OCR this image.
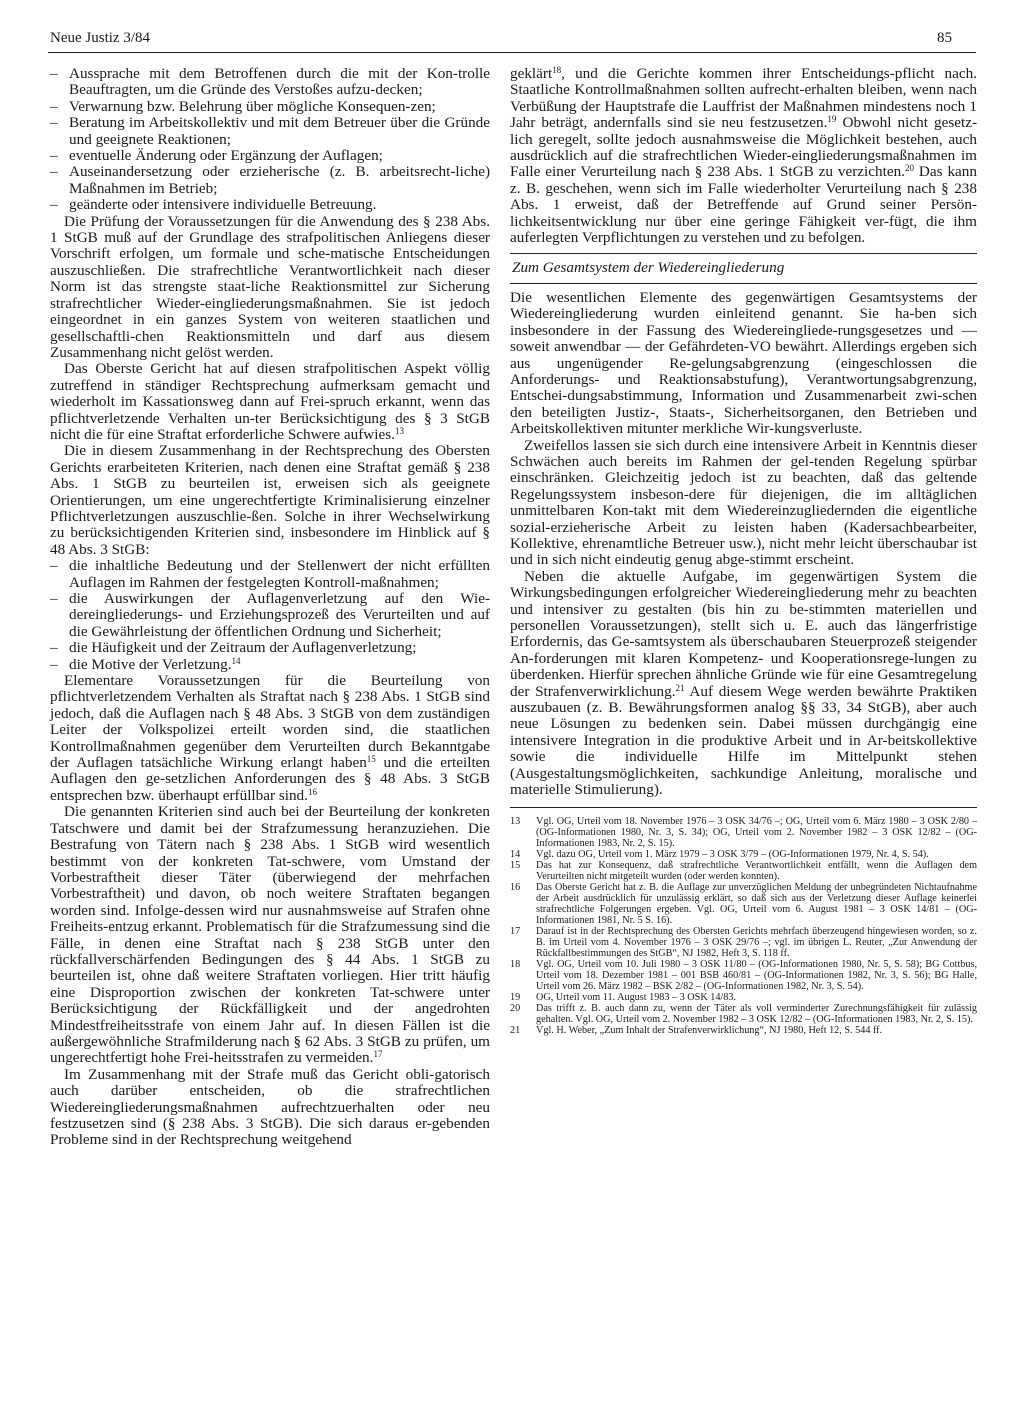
Neue Justiz 3/84	85
– Aussprache mit dem Betroffenen durch die mit der Kon-trolle Beauftragten, um die Gründe des Verstoßes aufzu-decken;
– Verwarnung bzw. Belehrung über mögliche Konsequen-zen;
– Beratung im Arbeitskollektiv und mit dem Betreuer über die Gründe und geeignete Reaktionen;
– eventuelle Änderung oder Ergänzung der Auflagen;
– Auseinandersetzung oder erzieherische (z. B. arbeitsrecht-liche) Maßnahmen im Betrieb;
– geänderte oder intensivere individuelle Betreuung.

Die Prüfung der Voraussetzungen für die Anwendung des § 238 Abs. 1 StGB muß auf der Grundlage des strafpolitischen Anliegens dieser Vorschrift erfolgen, um formale und sche-matische Entscheidungen auszuschließen. Die strafrechtliche Verantwortlichkeit nach dieser Norm ist das strengste staat-liche Reaktionsmittel zur Sicherung strafrechtlicher Wieder-eingliederungsmaßnahmen. Sie ist jedoch eingeordnet in ein ganzes System von weiteren staatlichen und gesellschaftli-chen Reaktionsmitteln und darf aus diesem Zusammenhang nicht gelöst werden.

Das Oberste Gericht hat auf diesen strafpolitischen Aspekt völlig zutreffend in ständiger Rechtsprechung aufmerksam gemacht und wiederholt im Kassationsweg dann auf Frei-spruch erkannt, wenn das pflichtverletzende Verhalten un-ter Berücksichtigung des § 3 StGB nicht die für eine Straftat erforderliche Schwere aufwies.$^{13}$

Die in diesem Zusammenhang in der Rechtsprechung des Obersten Gerichts erarbeiteten Kriterien, nach denen eine Straftat gemäß § 238 Abs. 1 StGB zu beurteilen ist, erweisen sich als geeignete Orientierungen, um eine ungerechtfertigte Kriminalisierung einzelner Pflichtverletzungen auszuschlie-ßen. Solche in ihrer Wechselwirkung zu berücksichtigenden Kriterien sind, insbesondere im Hinblick auf § 48 Abs. 3 StGB:

– die inhaltliche Bedeutung und der Stellenwert der nicht erfüllten Auflagen im Rahmen der festgelegten Kontroll-maßnahmen;
– die Auswirkungen der Auflagenverletzung auf den Wie-dereingliederungs- und Erziehungsprozeß des Verurteilten und auf die Gewährleistung der öffentlichen Ordnung und Sicherheit;
– die Häufigkeit und der Zeitraum der Auflagenverletzung;
– die Motive der Verletzung.$^{14}$

Elementare Voraussetzungen für die Beurteilung von pflichtverletzendem Verhalten als Straftat nach § 238 Abs. 1 StGB sind jedoch, daß die Auflagen nach § 48 Abs. 3 StGB von dem zuständigen Leiter der Volkspolizei erteilt worden sind, die staatlichen Kontrollmaßnahmen gegenüber dem Verurteilten durch Bekanntgabe der Auflagen tatsächliche Wirkung erlangt haben$^{15}$ und die erteilten Auflagen den ge-setzlichen Anforderungen des § 48 Abs. 3 StGB entsprechen bzw. überhaupt erfüllbar sind.$^{16}$

Die genannten Kriterien sind auch bei der Beurteilung der konkreten Tatschwere und damit bei der Strafzumessung heranzuziehen. Die Bestrafung von Tätern nach § 238 Abs. 1 StGB wird wesentlich bestimmt von der konkreten Tat-schwere, vom Umstand der Vorbestraftheit dieser Täter (überwiegend der mehrfachen Vorbestraftheit) und davon, ob noch weitere Straftaten begangen worden sind. Infolge-dessen wird nur ausnahmsweise auf Strafen ohne Freiheits-entzug erkannt. Problematisch für die Strafzumessung sind die Fälle, in denen eine Straftat nach § 238 StGB unter den rückfallverschärfenden Bedingungen des § 44 Abs. 1 StGB zu beurteilen ist, ohne daß weitere Straftaten vorliegen. Hier tritt häufig eine Disproportion zwischen der konkreten Tat-schwere unter Berücksichtigung der Rückfälligkeit und der angedrohten Mindestfreiheitsstrafe von einem Jahr auf. In diesen Fällen ist die außergewöhnliche Strafmilderung nach § 62 Abs. 3 StGB zu prüfen, um ungerechtfertigt hohe Frei-heitsstrafen zu vermeiden.$^{17}$

Im Zusammenhang mit der Strafe muß das Gericht obli-gatorisch auch darüber entscheiden, ob die strafrechtlichen Wiedereingliederungsmaßnahmen aufrechtzuerhalten oder neu festzusetzen sind (§ 238 Abs. 3 StGB). Die sich daraus er-gebenden Probleme sind in der Rechtsprechung weitgehend

geklärt$^{18}$, und die Gerichte kommen ihrer Entscheidungs-pflicht nach. Staatliche Kontrollmaßnahmen sollten aufrecht-erhalten bleiben, wenn nach Verbüßung der Hauptstrafe die Lauffrist der Maßnahmen mindestens noch 1 Jahr beträgt, andernfalls sind sie neu festzusetzen.$^{19}$ Obwohl nicht gesetz-lich geregelt, sollte jedoch ausnahmsweise die Möglichkeit bestehen, auch ausdrücklich auf die strafrechtlichen Wieder-eingliederungsmaßnahmen im Falle einer Verurteilung nach § 238 Abs. 1 StGB zu verzichten.$^{20}$ Das kann z. B. geschehen, wenn sich im Falle wiederholter Verurteilung nach § 238 Abs. 1 erweist, daß der Betreffende auf Grund seiner Persön-lichkeitsentwicklung nur über eine geringe Fähigkeit ver-fügt, die ihm auferlegten Verpflichtungen zu verstehen und zu befolgen.

Zum Gesamtsystem der Wiedereingliederung

Die wesentlichen Elemente des gegenwärtigen Gesamtsystems der Wiedereingliederung wurden einleitend genannt. Sie ha-ben sich insbesondere in der Fassung des Wiedereingliede-rungsgesetzes und — soweit anwendbar — der Gefährdeten-VO bewährt. Allerdings ergeben sich aus ungenügender Re-gelungsabgrenzung (eingeschlossen die Anforderungs- und Reaktionsabstufung), Verantwortungsabgrenzung, Entschei-dungsabstimmung, Information und Zusammenarbeit zwi-schen den beteiligten Justiz-, Staats-, Sicherheitsorganen, den Betrieben und Arbeitskollektiven mitunter merkliche Wir-kungsverluste.

Zweifellos lassen sie sich durch eine intensivere Arbeit in Kenntnis dieser Schwächen auch bereits im Rahmen der gel-tenden Regelung spürbar einschränken. Gleichzeitig jedoch ist zu beachten, daß das geltende Regelungssystem insbeson-dere für diejenigen, die im alltäglichen unmittelbaren Kon-takt mit dem Wiedereinzugliedernden die eigentliche sozial-erzieherische Arbeit zu leisten haben (Kadersachbearbeiter, Kollektive, ehrenamtliche Betreuer usw.), nicht mehr leicht überschaubar ist und in sich nicht eindeutig genug abge-stimmt erscheint.

Neben die aktuelle Aufgabe, im gegenwärtigen System die Wirkungsbedingungen erfolgreicher Wiedereingliederung mehr zu beachten und intensiver zu gestalten (bis hin zu be-stimmten materiellen und personellen Voraussetzungen), stellt sich u. E. auch das längerfristige Erfordernis, das Ge-samtsystem als überschaubaren Steuerprozeß steigender An-forderungen mit klaren Kompetenz- und Kooperationsrege-lungen zu überdenken. Hierfür sprechen ähnliche Gründe wie für eine Gesamtregelung der Strafenverwirklichung.$^{21}$ Auf diesem Wege werden bewährte Praktiken auszubauen (z. B. Bewährungsformen analog §§ 33, 34 StGB), aber auch neue Lösungen zu bedenken sein. Dabei müssen durchgängig eine intensivere Integration in die produktive Arbeit und in Ar-beitskollektive sowie die individuelle Hilfe im Mittelpunkt stehen (Ausgestaltungsmöglichkeiten, sachkundige Anleitung, moralische und materielle Stimulierung).

13	Vgl. OG, Urteil vom 18. November 1976 – 3 OSK 34/76 –; OG, Urteil vom 6. März 1980 – 3 OSK 2/80 – (OG-Informationen 1980, Nr. 3, S. 34); OG, Urteil vom 2. November 1982 – 3 OSK 12/82 – (OG-Informationen 1983, Nr. 2, S. 15).
14	Vgl. dazu OG, Urteil vom 1. März 1979 – 3 OSK 3/79 – (OG-Informationen 1979, Nr. 4, S. 54).
15	Das hat zur Konsequenz, daß strafrechtliche Verantwortlichkeit entfällt, wenn die Auflagen dem Verurteilten nicht mitgeteilt wurden (oder werden konnten).
16	Das Oberste Gericht hat z. B. die Auflage zur unverzüglichen Meldung der unbegründeten Nichtaufnahme der Arbeit ausdrücklich für unzulässig erklärt, so daß sich aus der Verletzung dieser Auflage keinerlei strafrechtliche Folgerungen ergeben. Vgl. OG, Urteil vom 6. August 1981 – 3 OSK 14/81 – (OG-Informationen 1981, Nr. 5 S. 16).
17	Darauf ist in der Rechtsprechung des Obersten Gerichts mehrfach überzeugend hingewiesen worden, so z. B. im Urteil vom 4. November 1976 – 3 OSK 29/76 –; vgl. im übrigen L. Reuter, „Zur Anwendung der Rückfallbestimmungen des StGB“, NJ 1982, Heft 3, S. 118 ff.
18	Vgl. OG, Urteil vom 10. Juli 1980 – 3 OSK 11/80 – (OG-Informationen 1980, Nr. 5, S. 58); BG Cottbus, Urteil vom 18. Dezember 1981 – 001 BSB 460/81 – (OG-Informationen 1982, Nr. 3, S. 56); BG Halle, Urteil vom 26. März 1982 – BSK 2/82 – (OG-Informationen 1982, Nr. 3, S. 54).
19	OG, Urteil vom 11. August 1983 – 3 OSK 14/83.
20	Das trifft z. B. auch dann zu, wenn der Täter als voll verminderter Zurechnungsfähigkeit für zulässig gehalten. Vgl. OG, Urteil vom 2. November 1982 – 3 OSK 12/82 – (OG-Informationen 1983, Nr. 2, S. 15).
21	Vgl. H. Weber, „Zum Inhalt der Strafenverwirklichung“, NJ 1980, Heft 12, S. 544 ff.
